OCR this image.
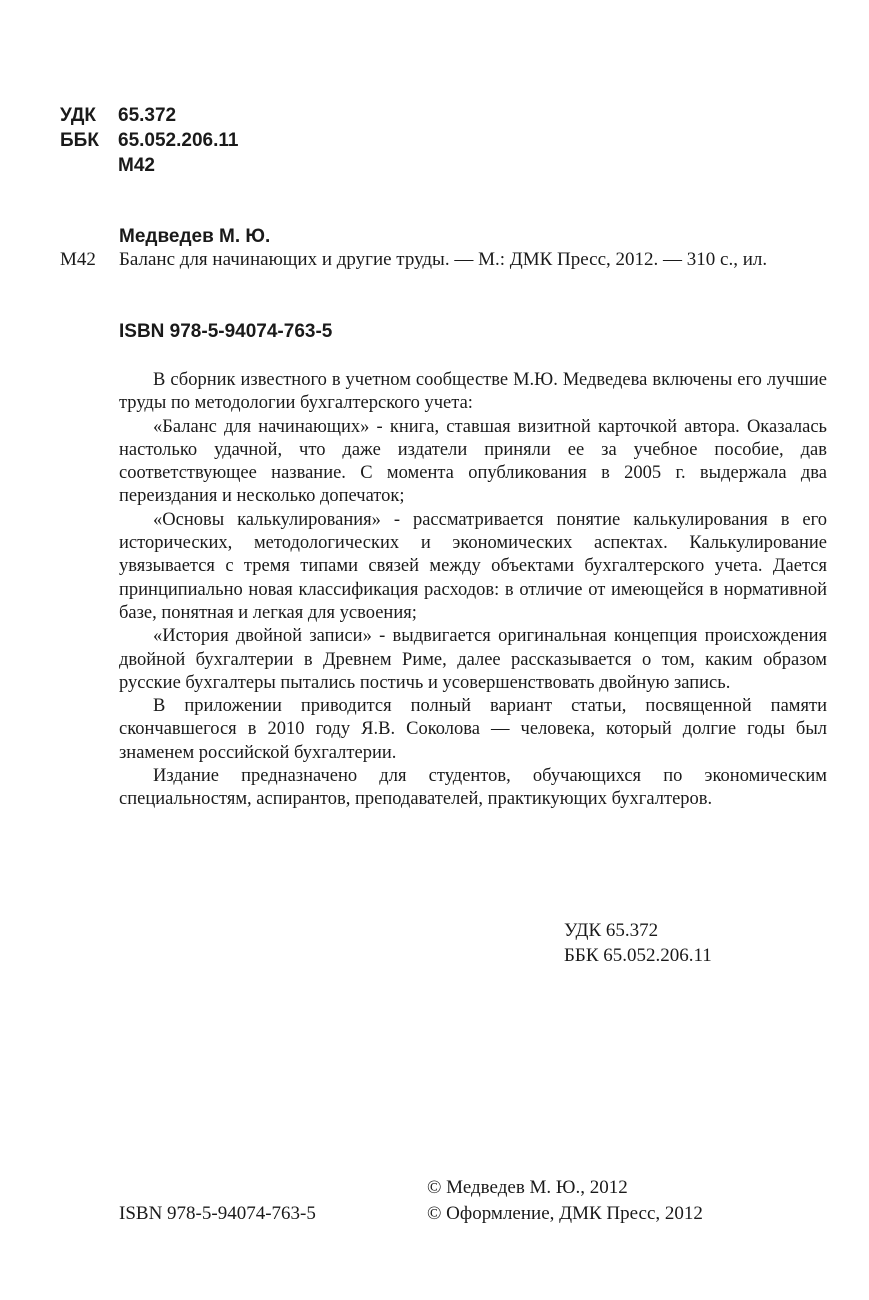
УДК	65.372
ББК	65.052.206.11
М42
Медведев М. Ю.
М42 Баланс для начинающих и другие труды. — М.: ДМК Пресс, 2012. — 310 с., ил.
ISBN 978-5-94074-763-5

В сборник известного в учетном сообществе М.Ю. Медведева включены его лучшие труды по методологии бухгалтерского учета:

«Баланс для начинающих» - книга, ставшая визитной карточкой автора. Оказалась настолько удачной, что даже издатели приняли ее за учебное пособие, дав соответствующее название. С момента опубликования в 2005 г. выдержала два переиздания и несколько допечаток;

«Основы калькулирования» - рассматривается понятие калькулирования в его исторических, методологических и экономических аспектах. Калькулирование увязывается с тремя типами связей между объектами бухгалтерского учета. Дается принципиально новая классификация расходов: в отличие от имеющейся в нормативной базе, понятная и легкая для усвоения;

«История двойной записи» - выдвигается оригинальная концепция происхождения двойной бухгалтерии в Древнем Риме, далее рассказывается о том, каким образом русские бухгалтеры пытались постичь и усовершенствовать двойную запись.

В приложении приводится полный вариант статьи, посвященной памяти скончавшегося в 2010 году Я.В. Соколова — человека, который долгие годы был знаменем российской бухгалтерии.

Издание предназначено для студентов, обучающихся по экономическим специальностям, аспирантов, преподавателей, практикующих бухгалтеров.

УДК 65.372
ББК 65.052.206.11
ISBN 978-5-94074-763-5
© Медведев М. Ю., 2012
© Оформление, ДМК Пресс, 2012
